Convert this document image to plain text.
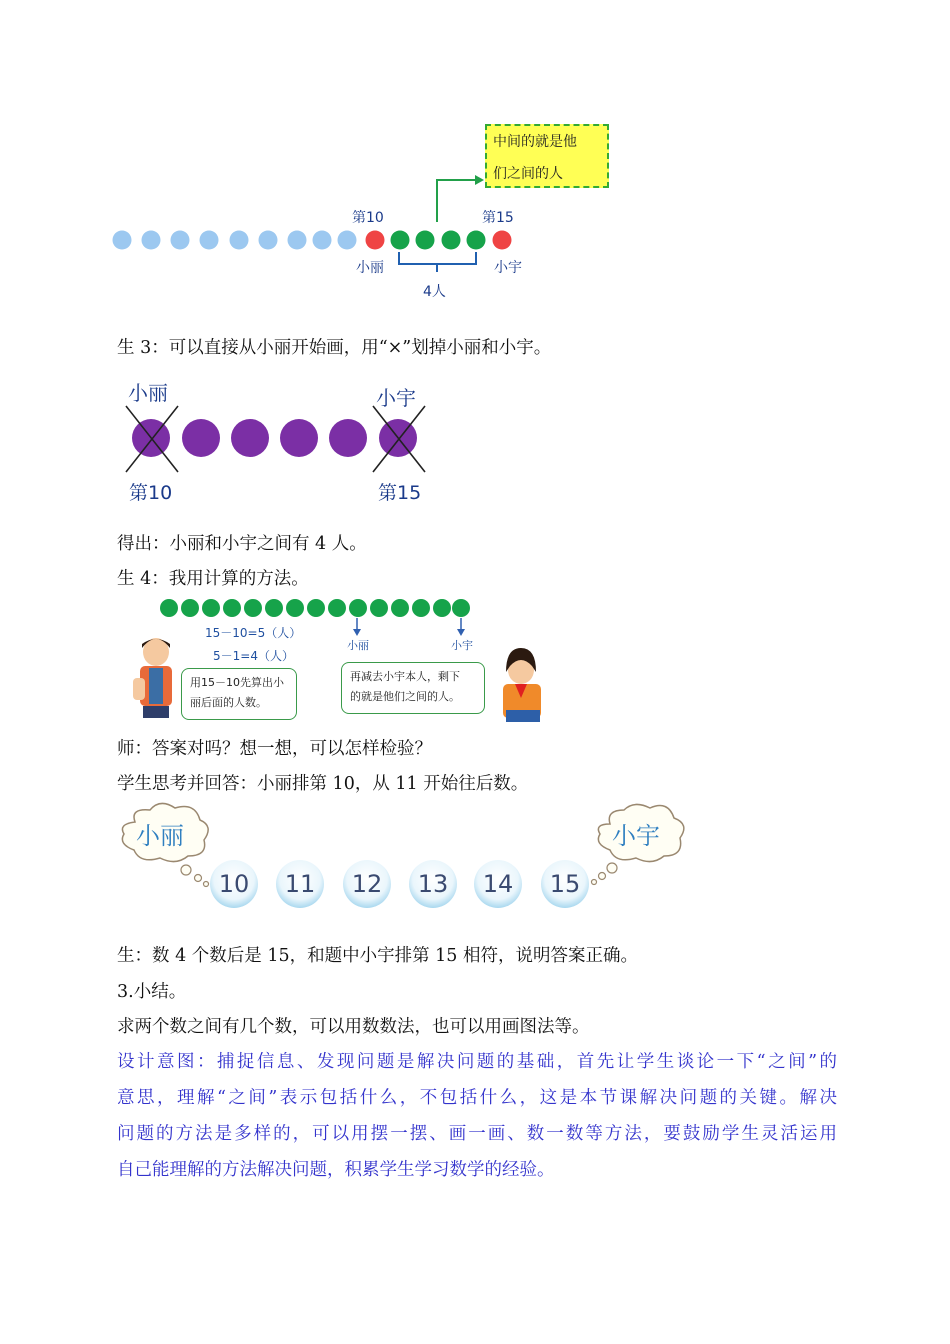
中间的就是他
们之间的人
第10	第15
小丽	小宇
4人
生 3：可以直接从小丽开始画，用“×”划掉小丽和小宇。
小丽	小宇
第10	第15
得出：小丽和小宇之间有 4 人。
生 4：我用计算的方法。
15－10=5（人）
5－1=4（人）
小丽	小宇
用15－10先算出小
丽后面的人数。
再减去小宇本人，剩下
的就是他们之间的人。
师：答案对吗？想一想，可以怎样检验？
学生思考并回答：小丽排第 10，从 11 开始往后数。
小丽	小宇
10	11	12	13	14	15
生：数 4 个数后是 15，和题中小宇排第 15 相符，说明答案正确。
3.小结。
求两个数之间有几个数，可以用数数法，也可以用画图法等。
设计意图：捕捉信息、发现问题是解决问题的基础，首先让学生谈论一下“之间”的
意思，理解“之间”表示包括什么，不包括什么，这是本节课解决问题的关键。解决
问题的方法是多样的，可以用摆一摆、画一画、数一数等方法，要鼓励学生灵活运用
自己能理解的方法解决问题，积累学生学习数学的经验。
